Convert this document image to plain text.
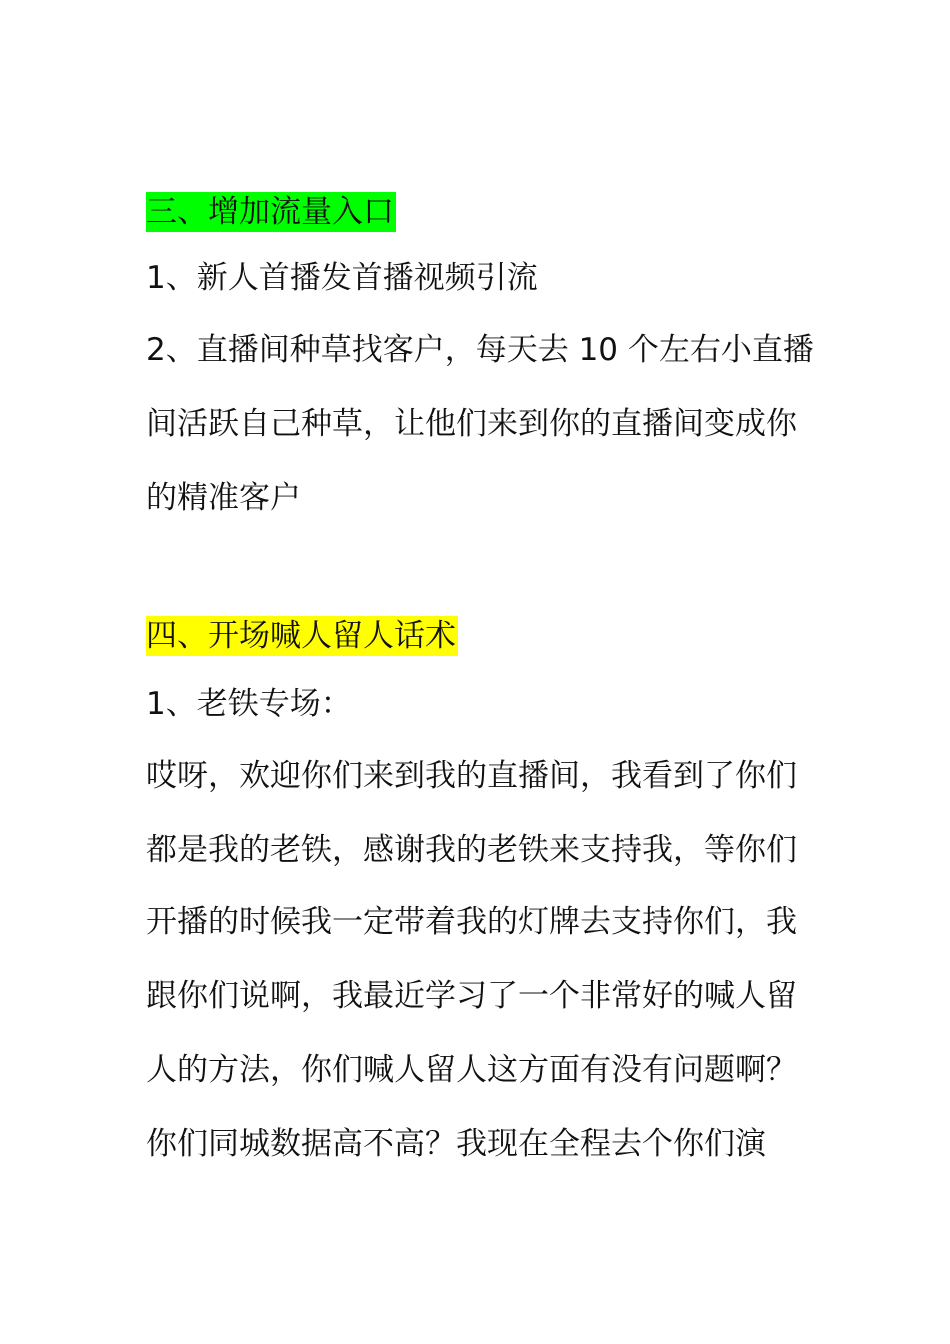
三、增加流量入口
1、新人首播发首播视频引流
2、直播间种草找客户，每天去 10 个左右小直播
间活跃自己种草，让他们来到你的直播间变成你
的精准客户
四、开场喊人留人话术
1、老铁专场：
哎呀，欢迎你们来到我的直播间，我看到了你们
都是我的老铁，感谢我的老铁来支持我，等你们
开播的时候我一定带着我的灯牌去支持你们，我
跟你们说啊，我最近学习了一个非常好的喊人留
人的方法，你们喊人留人这方面有没有问题啊？
你们同城数据高不高？我现在全程去个你们演
